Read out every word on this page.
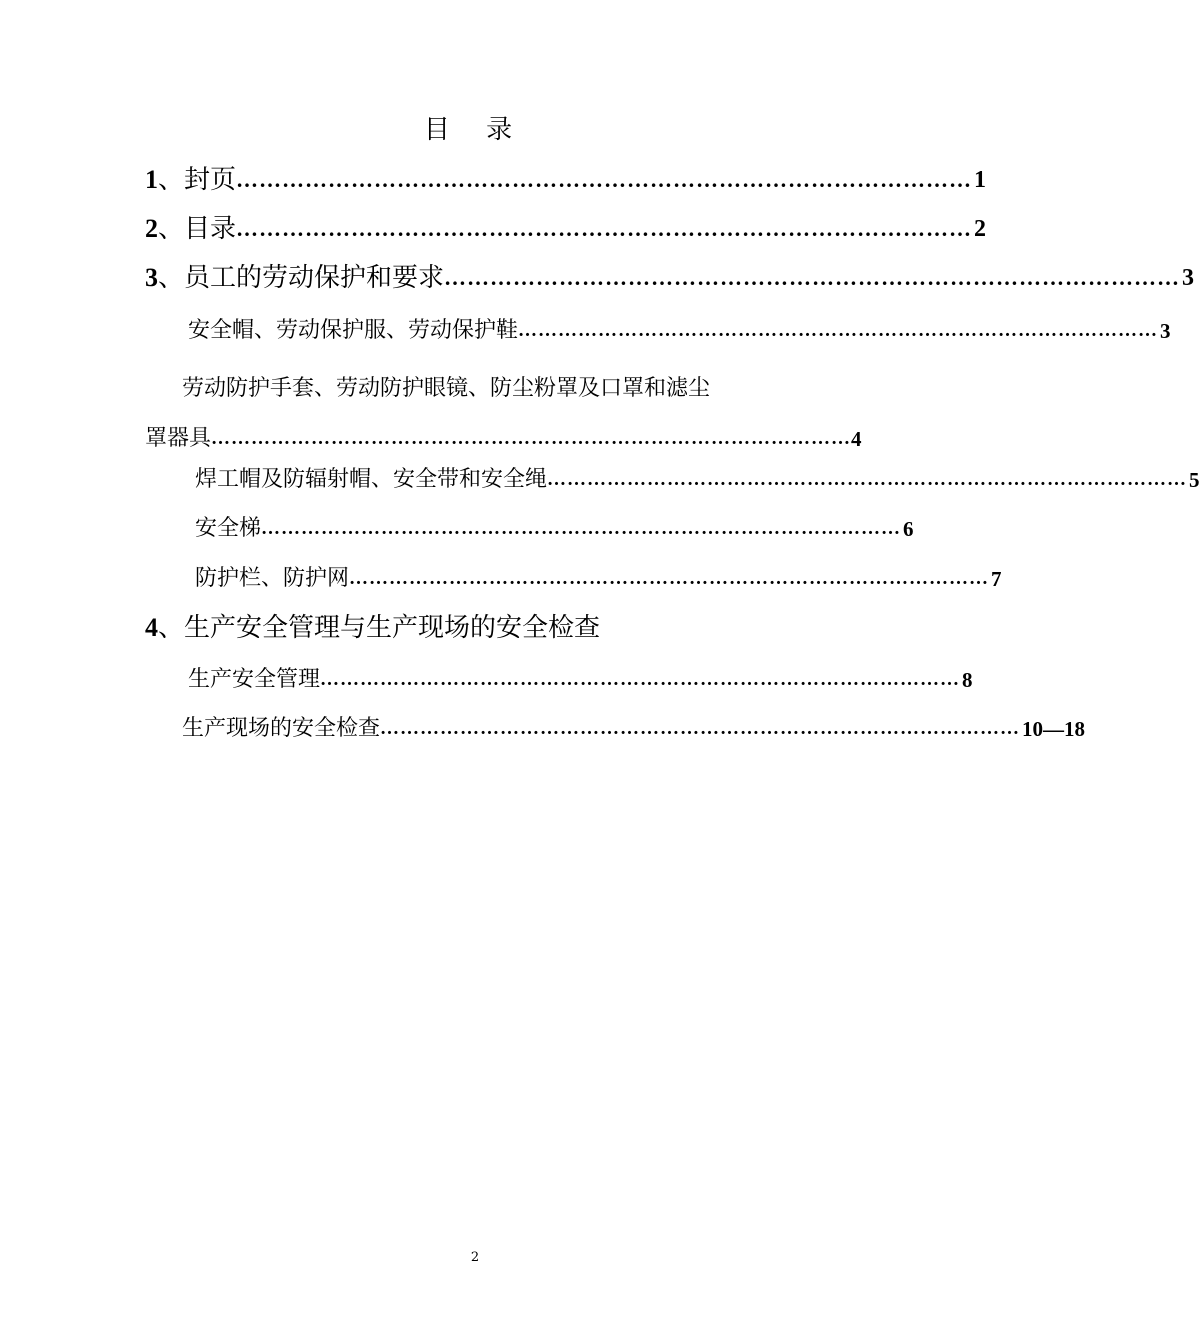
目 录
1 、 封页 …………………………………………………………………………………… 1
2 、 目录 …………………………………………………………………………………… 2
3 、 员工的劳动保护和要求 …………………………………………………………………………………… 3
安全帽、劳动保护服、劳动保护鞋 …………………………………………………………………………………… 3
劳动防护手套、劳动防护眼镜、防尘粉罩及口罩和滤尘
罩器具 …………………………………………………………………………………… 4
焊工帽及防辐射帽、安全带和安全绳 …………………………………………………………………………………… 5
安全梯 …………………………………………………………………………………… 6
防护栏、防护网 …………………………………………………………………………………… 7
4 、 生产安全管理与生产现场的安全检查
生产安全管理 …………………………………………………………………………………… 8
生产现场的安全检查 …………………………………………………………………………………… 10—18
2
